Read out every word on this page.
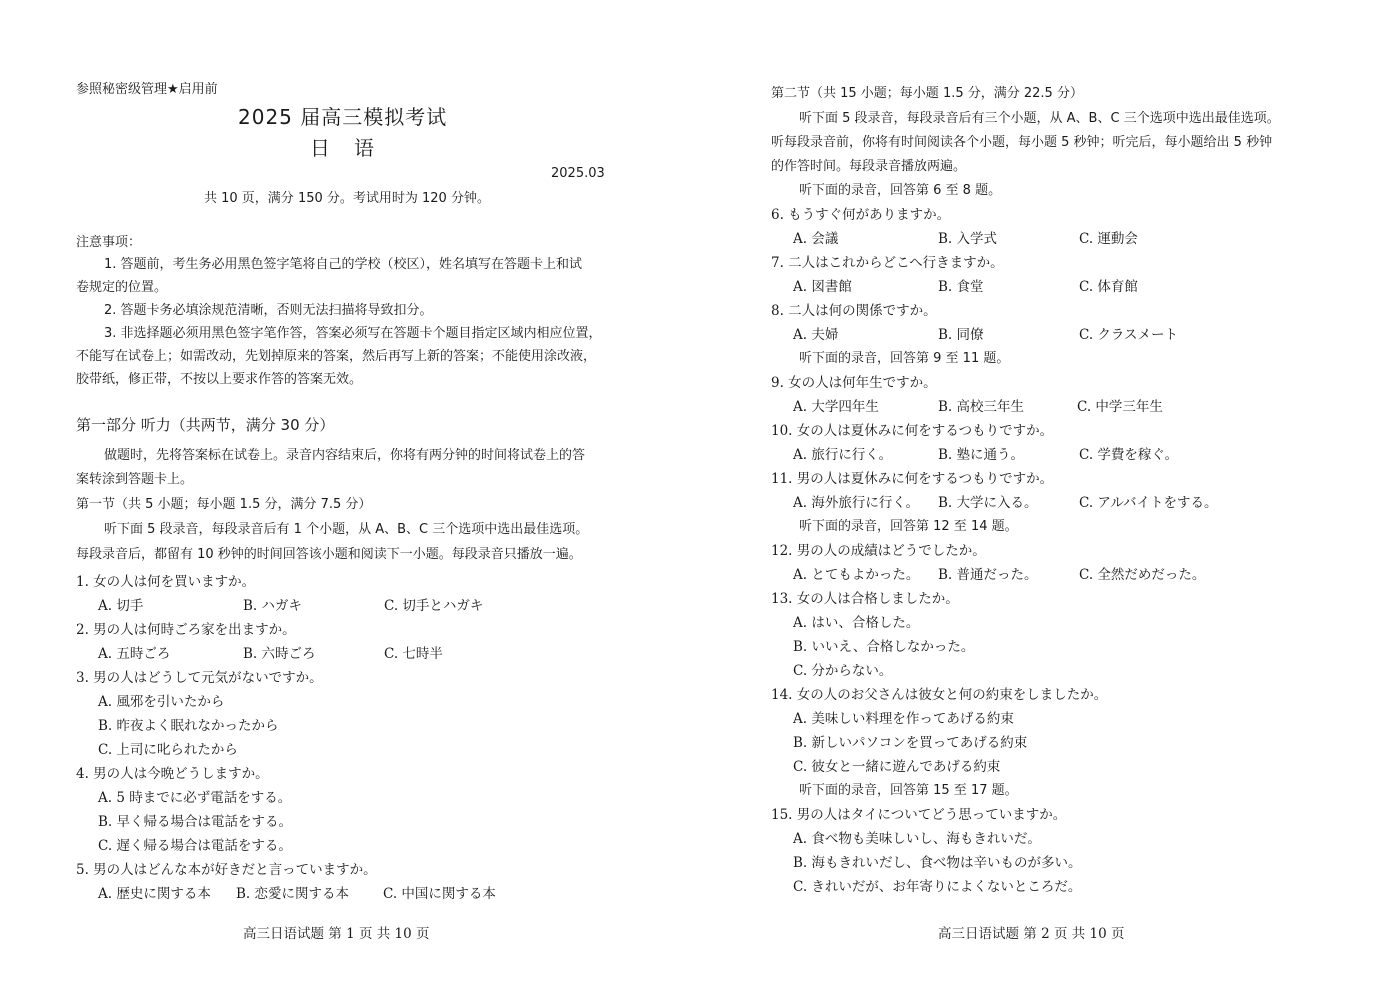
参照秘密级管理★启用前
2025 届高三模拟考试
日语
2025.03
共 10 页，满分 150 分。考试用时为 120 分钟。
注意事项：
1. 答题前，考生务必用黑色签字笔将自己的学校（校区），姓名填写在答题卡上和试
卷规定的位置。
2. 答题卡务必填涂规范清晰，否则无法扫描将导致扣分。
3. 非选择题必须用黑色签字笔作答，答案必须写在答题卡个题目指定区域内相应位置，
不能写在试卷上；如需改动，先划掉原来的答案，然后再写上新的答案；不能使用涂改液，
胶带纸，修正带，不按以上要求作答的答案无效。
第一部分 听力（共两节，满分 30 分）
做题时，先将答案标在试卷上。录音内容结束后，你将有两分钟的时间将试卷上的答
案转涂到答题卡上。
第一节（共 5 小题；每小题 1.5 分，满分 7.5 分）
听下面 5 段录音，每段录音后有 1 个小题，从 A、B、C 三个选项中选出最佳选项。
每段录音后，都留有 10 秒钟的时间回答该小题和阅读下一小题。每段录音只播放一遍。
1. 女の人は何を買いますか。
A. 切手	B. ハガキ	C. 切手とハガキ
2. 男の人は何時ごろ家を出ますか。
A. 五時ごろ	B. 六時ごろ	C. 七時半
3. 男の人はどうして元気がないですか。
A. 風邪を引いたから
B. 昨夜よく眠れなかったから
C. 上司に叱られたから
4. 男の人は今晩どうしますか。
A. 5 時までに必ず電話をする。
B. 早く帰る場合は電話をする。
C. 遅く帰る場合は電話をする。
5. 男の人はどんな本が好きだと言っていますか。
A. 歴史に関する本 B. 恋愛に関する本	C. 中国に関する本
高三日语试题 第 1 页 共 10 页
第二节（共 15 小题；每小题 1.5 分，满分 22.5 分）
听下面 5 段录音，每段录音后有三个小题，从 A、B、C 三个选项中选出最佳选项。
听每段录音前，你将有时间阅读各个小题，每小题 5 秒钟；听完后，每小题给出 5 秒钟
的作答时间。每段录音播放两遍。
听下面的录音，回答第 6 至 8 题。
6. もうすぐ何がありますか。
A. 会議	B. 入学式	C. 運動会
7. 二人はこれからどこへ行きますか。
A. 図書館	B. 食堂	C. 体育館
8. 二人は何の関係ですか。
A. 夫婦	B. 同僚	C. クラスメート
听下面的录音，回答第 9 至 11 题。
9. 女の人は何年生ですか。
A. 大学四年生	B. 高校三年生	C. 中学三年生
10. 女の人は夏休みに何をするつもりですか。
A. 旅行に行く。	B. 塾に通う。	C. 学費を稼ぐ。
11. 男の人は夏休みに何をするつもりですか。
A. 海外旅行に行く。 B. 大学に入る。	C. アルバイトをする。
听下面的录音，回答第 12 至 14 题。
12. 男の人の成績はどうでしたか。
A. とてもよかった。 B. 普通だった。	C. 全然だめだった。
13. 女の人は合格しましたか。
A. はい、合格した。
B. いいえ、合格しなかった。
C. 分からない。
14. 女の人のお父さんは彼女と何の約束をしましたか。
A. 美味しい料理を作ってあげる約束
B. 新しいパソコンを買ってあげる約束
C. 彼女と一緒に遊んであげる約束
听下面的录音，回答第 15 至 17 题。
15. 男の人はタイについてどう思っていますか。
A. 食べ物も美味しいし、海もきれいだ。
B. 海もきれいだし、食べ物は辛いものが多い。
C. きれいだが、お年寄りによくないところだ。
高三日语试题 第 2 页 共 10 页
